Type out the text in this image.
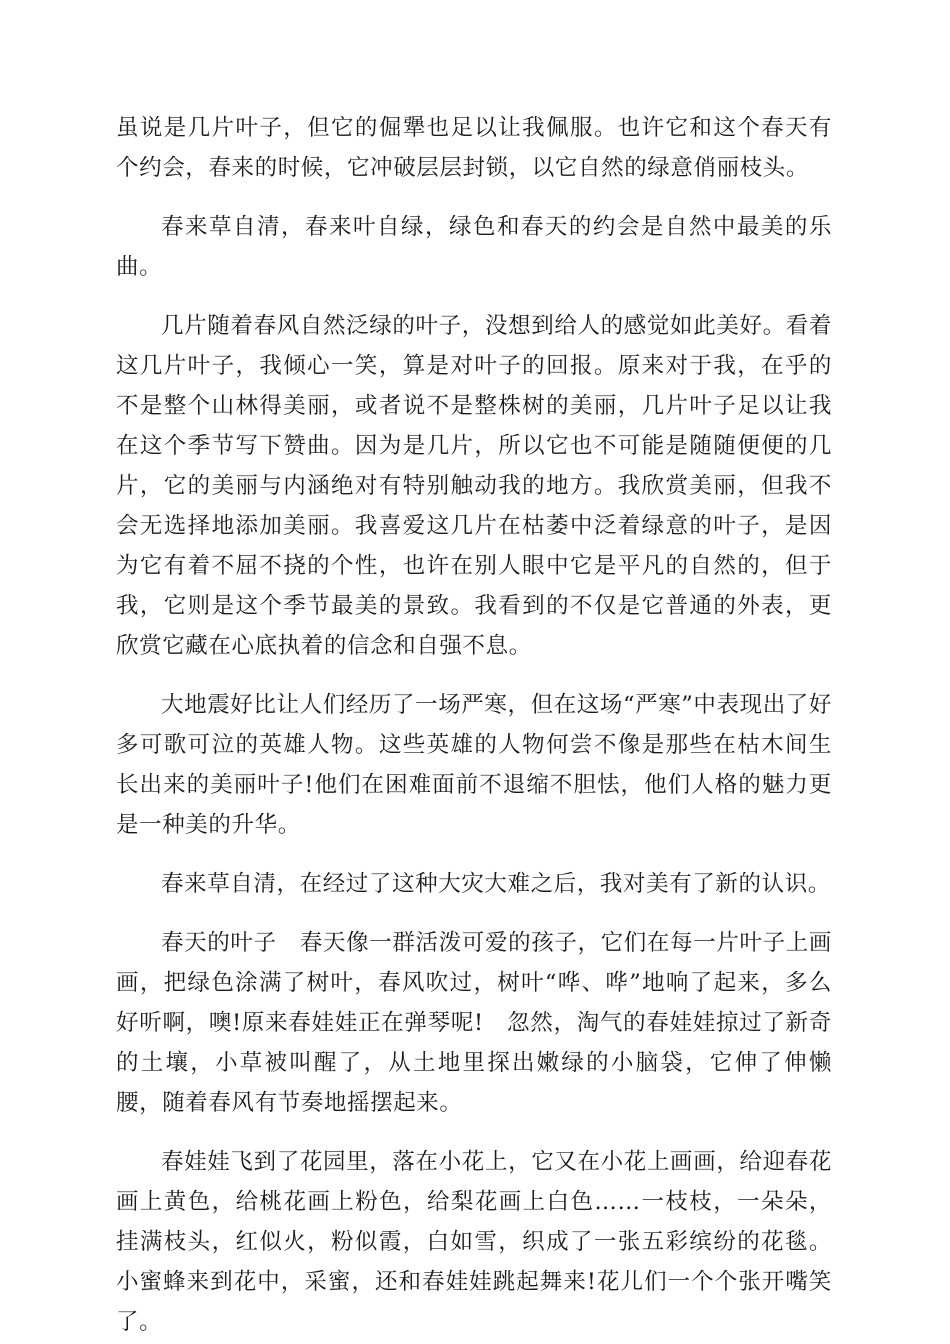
虽说是几片叶子，但它的倔犟也足以让我佩服。也许它和这个春天有个约会，春来的时候，它冲破层层封锁，以它自然的绿意俏丽枝头。

春来草自清，春来叶自绿，绿色和春天的约会是自然中最美的乐曲。

几片随着春风自然泛绿的叶子，没想到给人的感觉如此美好。看着这几片叶子，我倾心一笑，算是对叶子的回报。原来对于我，在乎的不是整个山林得美丽，或者说不是整株树的美丽，几片叶子足以让我在这个季节写下赞曲。因为是几片，所以它也不可能是随随便便的几片，它的美丽与内涵绝对有特别触动我的地方。我欣赏美丽，但我不会无选择地添加美丽。我喜爱这几片在枯萎中泛着绿意的叶子，是因为它有着不屈不挠的个性，也许在别人眼中它是平凡的自然的，但于我，它则是这个季节最美的景致。我看到的不仅是它普通的外表，更欣赏它藏在心底执着的信念和自强不息。

大地震好比让人们经历了一场严寒，但在这场“严寒”中表现出了好多可歌可泣的英雄人物。这些英雄的人物何尝不像是那些在枯木间生长出来的美丽叶子!他们在困难面前不退缩不胆怯，他们人格的魅力更是一种美的升华。

春来草自清，在经过了这种大灾大难之后，我对美有了新的认识。

春天的叶子　春天像一群活泼可爱的孩子，它们在每一片叶子上画画，把绿色涂满了树叶，春风吹过，树叶“哗、哗”地响了起来，多么好听啊，噢!原来春娃娃正在弹琴呢!　忽然，淘气的春娃娃掠过了新奇的土壤，小草被叫醒了，从土地里探出嫩绿的小脑袋，它伸了伸懒腰，随着春风有节奏地摇摆起来。

春娃娃飞到了花园里，落在小花上，它又在小花上画画，给迎春花画上黄色，给桃花画上粉色，给梨花画上白色……一枝枝，一朵朵，挂满枝头，红似火，粉似霞，白如雪，织成了一张五彩缤纷的花毯。小蜜蜂来到花中，采蜜，还和春娃娃跳起舞来!花儿们一个个张开嘴笑了。
